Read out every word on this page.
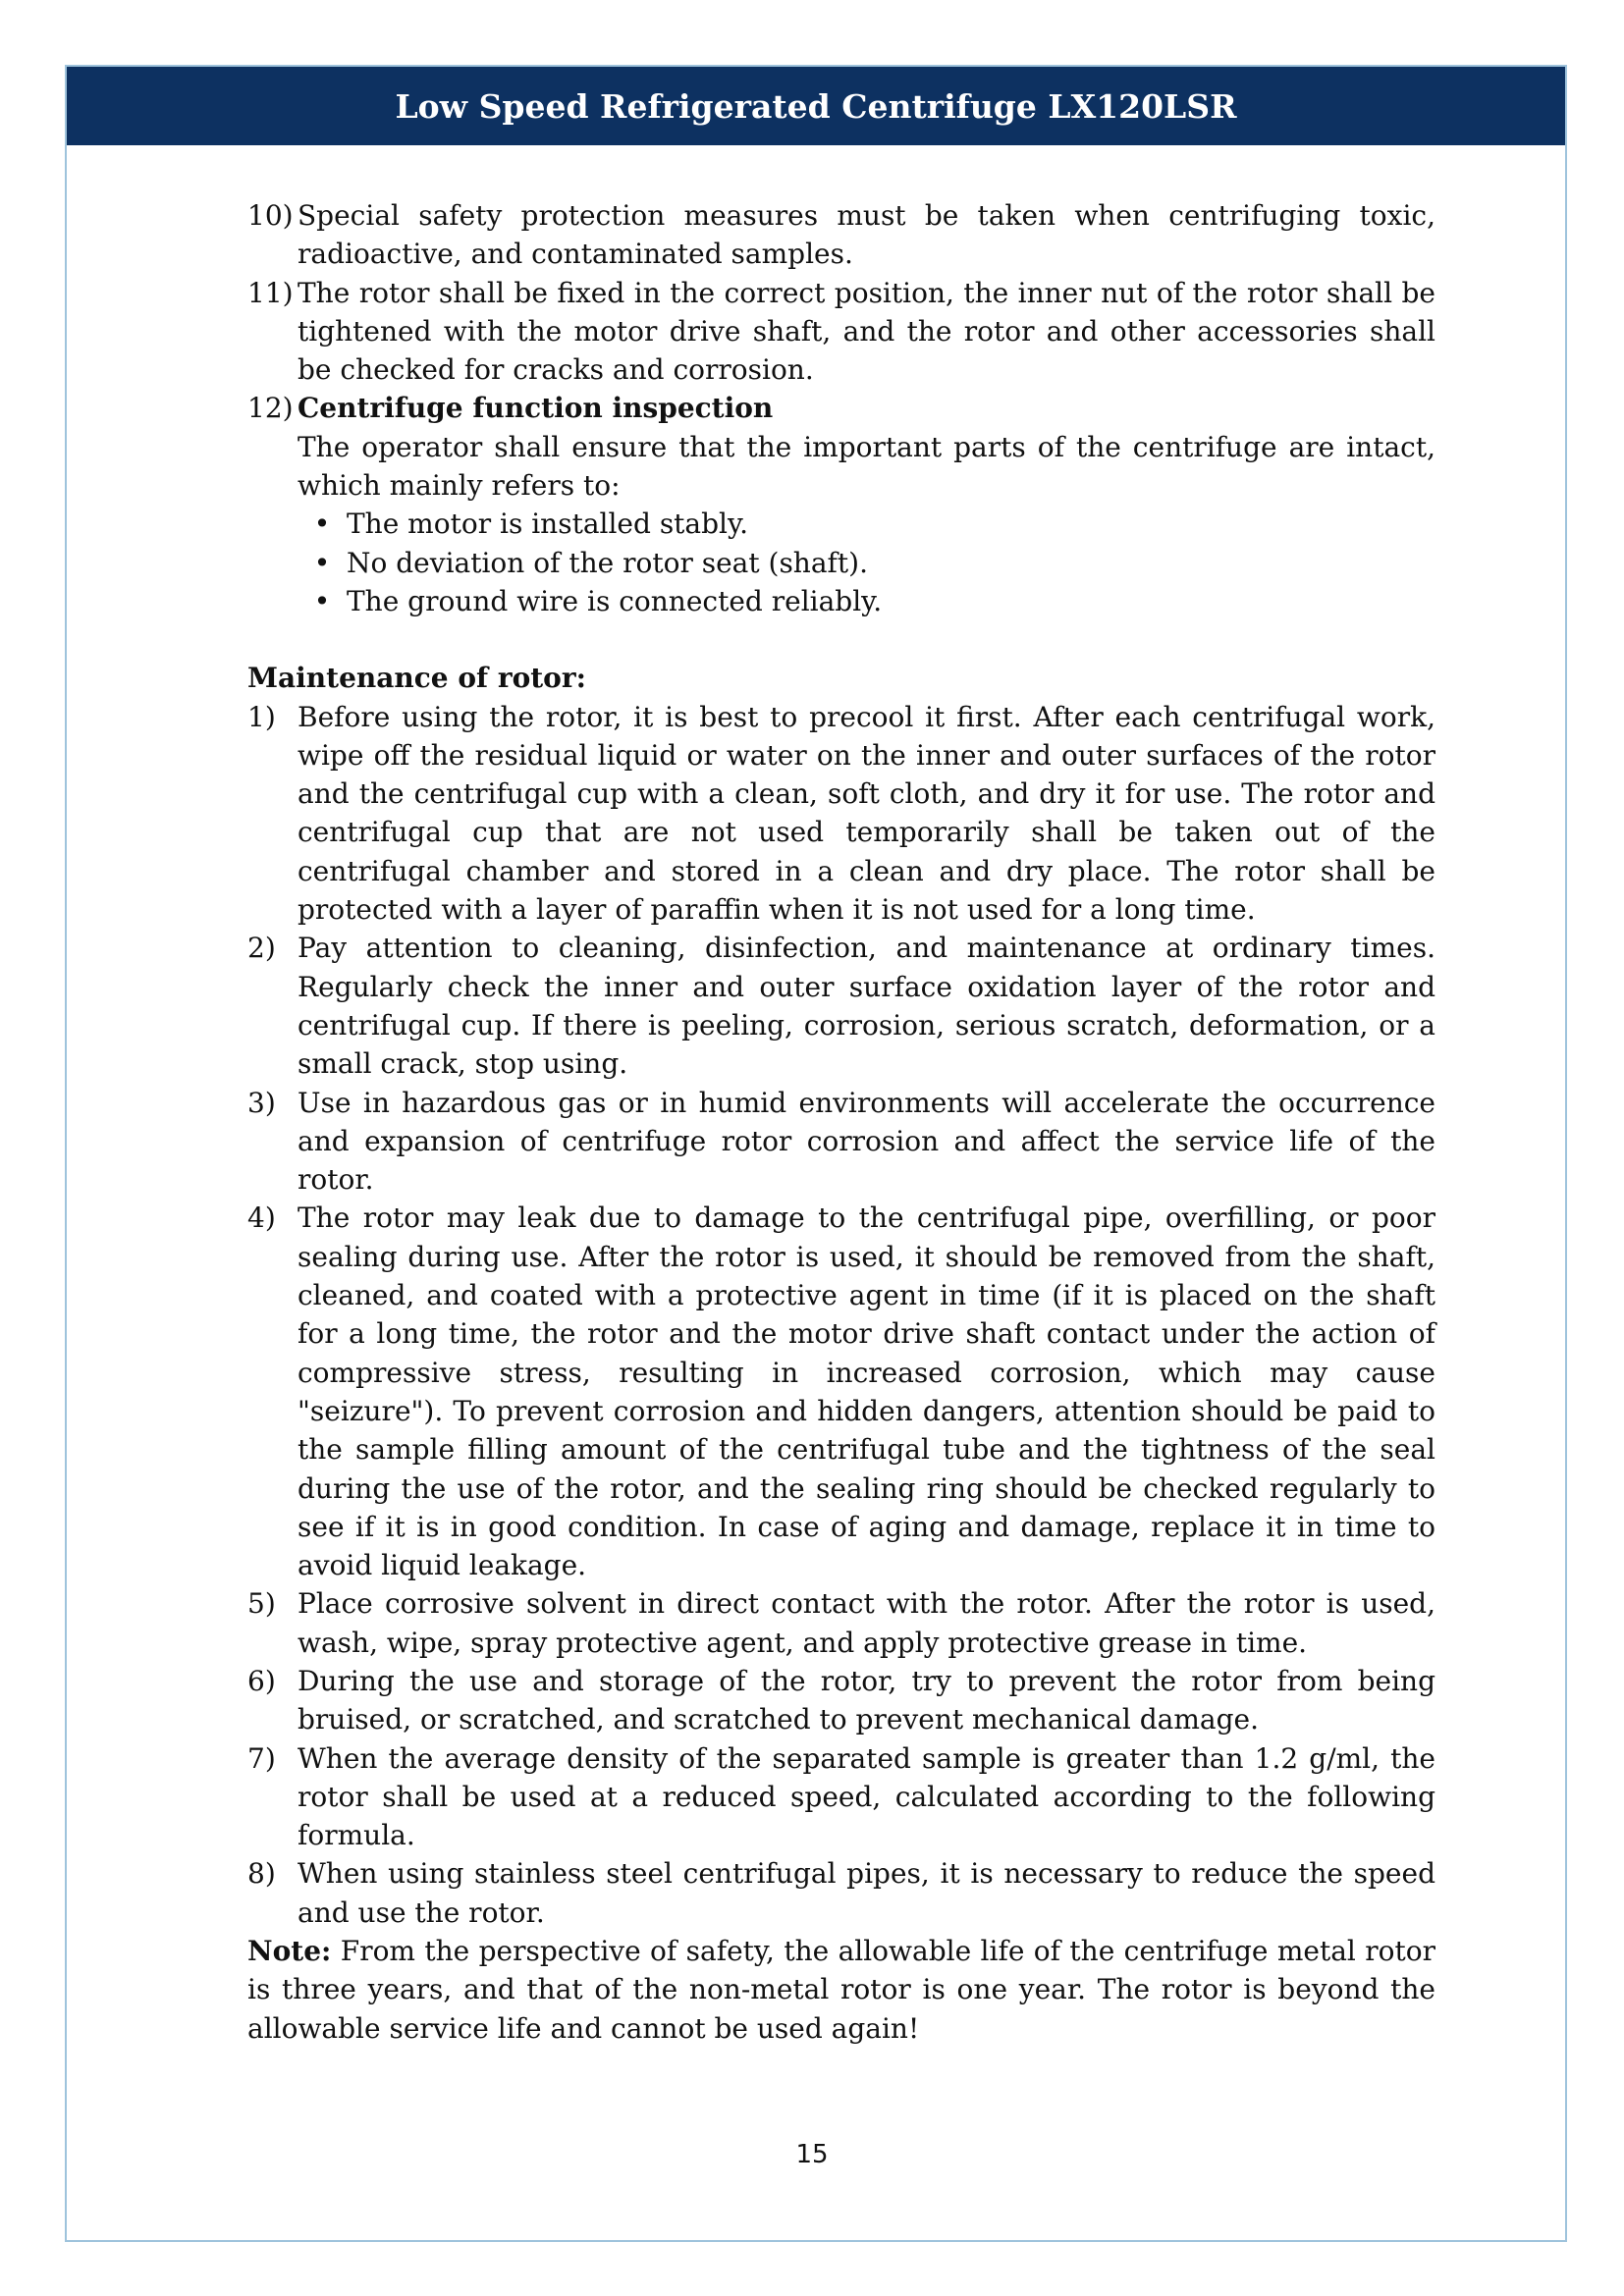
Low Speed Refrigerated Centrifuge LX120LSR
10) Special safety protection measures must be taken when centrifuging toxic, radioactive, and contaminated samples.
11) The rotor shall be fixed in the correct position, the inner nut of the rotor shall be tightened with the motor drive shaft, and the rotor and other accessories shall be checked for cracks and corrosion.
12) Centrifuge function inspection
The operator shall ensure that the important parts of the centrifuge are intact, which mainly refers to:
• The motor is installed stably.
• No deviation of the rotor seat (shaft).
• The ground wire is connected reliably.
Maintenance of rotor:
1) Before using the rotor, it is best to precool it first. After each centrifugal work, wipe off the residual liquid or water on the inner and outer surfaces of the rotor and the centrifugal cup with a clean, soft cloth, and dry it for use. The rotor and centrifugal cup that are not used temporarily shall be taken out of the centrifugal chamber and stored in a clean and dry place. The rotor shall be protected with a layer of paraffin when it is not used for a long time.
2) Pay attention to cleaning, disinfection, and maintenance at ordinary times. Regularly check the inner and outer surface oxidation layer of the rotor and centrifugal cup. If there is peeling, corrosion, serious scratch, deformation, or a small crack, stop using.
3) Use in hazardous gas or in humid environments will accelerate the occurrence and expansion of centrifuge rotor corrosion and affect the service life of the rotor.
4) The rotor may leak due to damage to the centrifugal pipe, overfilling, or poor sealing during use. After the rotor is used, it should be removed from the shaft, cleaned, and coated with a protective agent in time (if it is placed on the shaft for a long time, the rotor and the motor drive shaft contact under the action of compressive stress, resulting in increased corrosion, which may cause "seizure"). To prevent corrosion and hidden dangers, attention should be paid to the sample filling amount of the centrifugal tube and the tightness of the seal during the use of the rotor, and the sealing ring should be checked regularly to see if it is in good condition. In case of aging and damage, replace it in time to avoid liquid leakage.
5) Place corrosive solvent in direct contact with the rotor. After the rotor is used, wash, wipe, spray protective agent, and apply protective grease in time.
6) During the use and storage of the rotor, try to prevent the rotor from being bruised, or scratched, and scratched to prevent mechanical damage.
7) When the average density of the separated sample is greater than 1.2 g/ml, the rotor shall be used at a reduced speed, calculated according to the following formula.
8) When using stainless steel centrifugal pipes, it is necessary to reduce the speed and use the rotor.
Note: From the perspective of safety, the allowable life of the centrifuge metal rotor is three years, and that of the non-metal rotor is one year. The rotor is beyond the allowable service life and cannot be used again!
15
